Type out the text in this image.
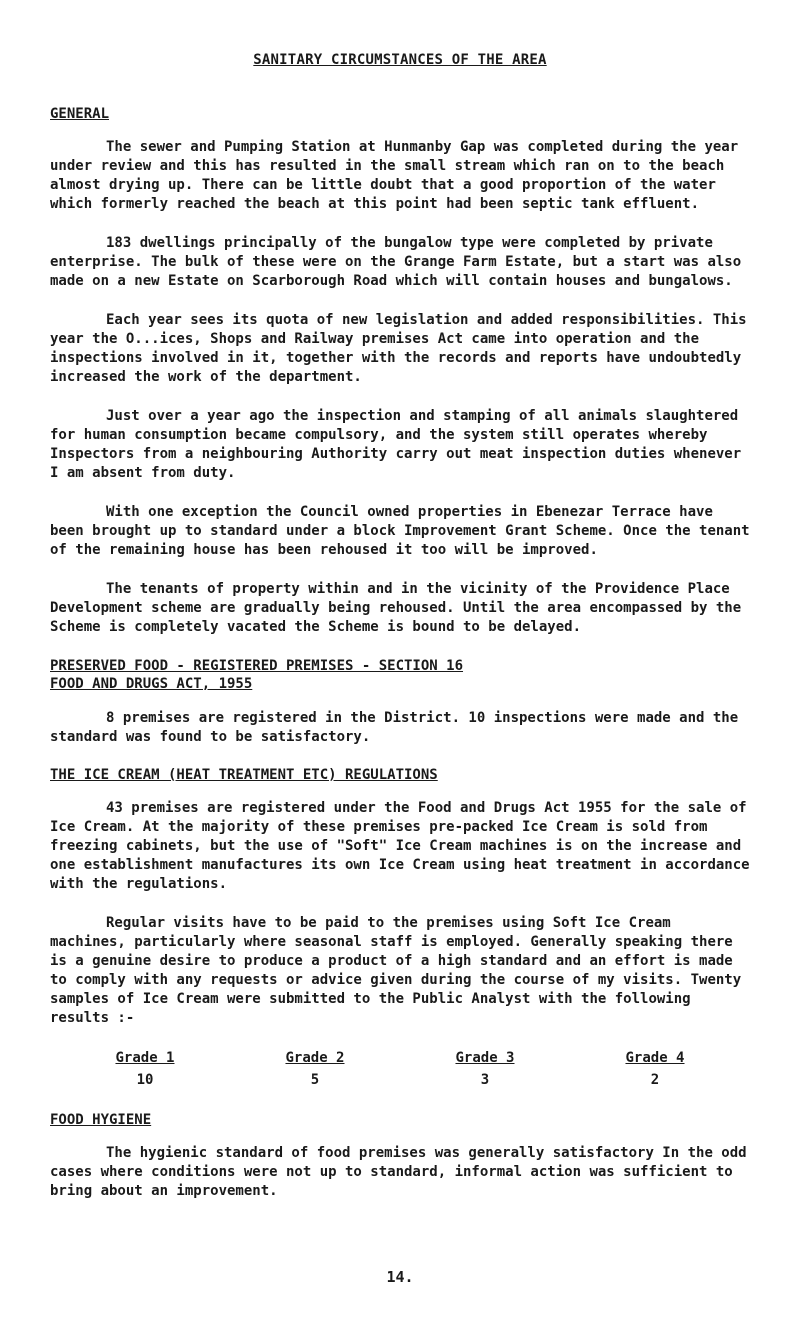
SANITARY CIRCUMSTANCES OF THE AREA
GENERAL

The sewer and Pumping Station at Hunmanby Gap was completed during the year under review and this has resulted in the small stream which ran on to the beach almost drying up. There can be little doubt that a good proportion of the water which formerly reached the beach at this point had been septic tank effluent.

183 dwellings principally of the bungalow type were completed by private enterprise. The bulk of these were on the Grange Farm Estate, but a start was also made on a new Estate on Scarborough Road which will contain houses and bungalows.

Each year sees its quota of new legislation and added responsibilities. This year the O...ices, Shops and Railway premises Act came into operation and the inspections involved in it, together with the records and reports have undoubtedly increased the work of the department.

Just over a year ago the inspection and stamping of all animals slaughtered for human consumption became compulsory, and the system still operates whereby Inspectors from a neighbouring Authority carry out meat inspection duties whenever I am absent from duty.

With one exception the Council owned properties in Ebenezar Terrace have been brought up to standard under a block Improvement Grant Scheme. Once the tenant of the remaining house has been rehoused it too will be improved.

The tenants of property within and in the vicinity of the Providence Place Development scheme are gradually being rehoused. Until the area encompassed by the Scheme is completely vacated the Scheme is bound to be delayed.

PRESERVED FOOD - REGISTERED PREMISES - SECTION 16
FOOD AND DRUGS ACT, 1955

8 premises are registered in the District. 10 inspections were made and the standard was found to be satisfactory.

THE ICE CREAM (HEAT TREATMENT ETC) REGULATIONS

43 premises are registered under the Food and Drugs Act 1955 for the sale of Ice Cream. At the majority of these premises pre-packed Ice Cream is sold from freezing cabinets, but the use of "Soft" Ice Cream machines is on the increase and one establishment manufactures its own Ice Cream using heat treatment in accordance with the regulations.

Regular visits have to be paid to the premises using Soft Ice Cream machines, particularly where seasonal staff is employed. Generally speaking there is a genuine desire to produce a product of a high standard and an effort is made to comply with any requests or advice given during the course of my visits. Twenty samples of Ice Cream were submitted to the Public Analyst with the following results :-

Grade 1
10
Grade 2
5
Grade 3
3
Grade 4
2
FOOD HYGIENE

The hygienic standard of food premises was generally satisfactory In the odd cases where conditions were not up to standard, informal action was sufficient to bring about an improvement.

14.
